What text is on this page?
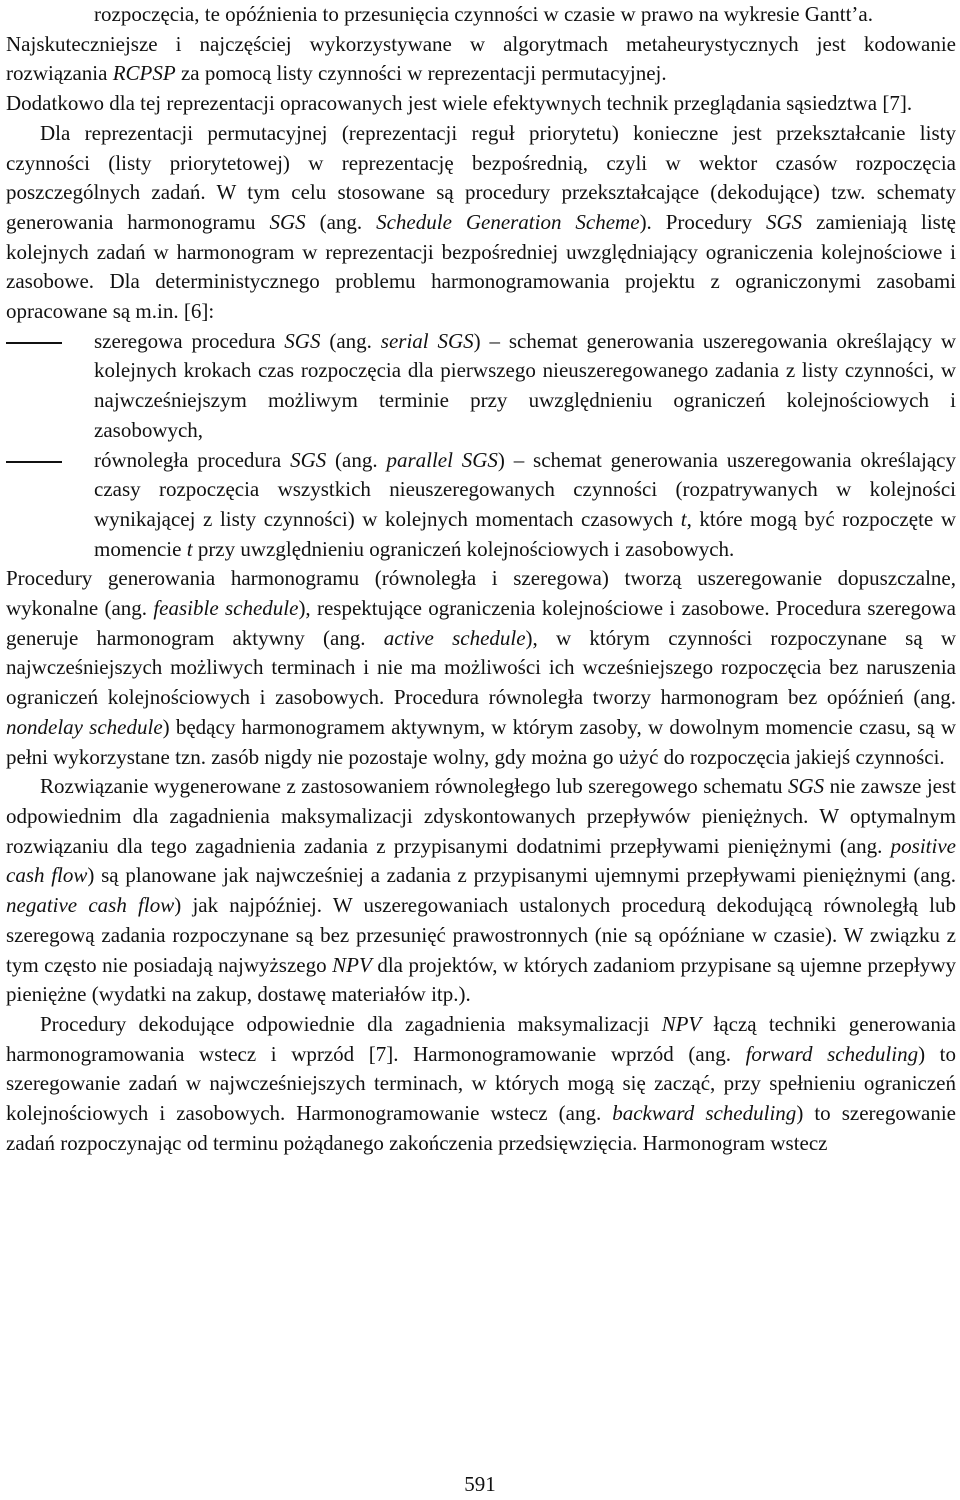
rozpoczęcia, te opóźnienia to przesunięcia czynności w czasie w prawo na wykresie Gantt’a.

Najskuteczniejsze i najczęściej wykorzystywane w algorytmach metaheurystycznych jest kodowanie rozwiązania RCPSP za pomocą listy czynności w reprezentacji permutacyjnej.

Dodatkowo dla tej reprezentacji opracowanych jest wiele efektywnych technik przeglądania sąsiedztwa [7].

Dla reprezentacji permutacyjnej (reprezentacji reguł priorytetu) konieczne jest przekształcanie listy czynności (listy priorytetowej) w reprezentację bezpośrednią, czyli w wektor czasów rozpoczęcia poszczególnych zadań. W tym celu stosowane są procedury przekształcające (dekodujące) tzw. schematy generowania harmonogramu SGS (ang. Schedule Generation Scheme). Procedury SGS zamieniają listę kolejnych zadań w harmonogram w reprezentacji bezpośredniej uwzględniający ograniczenia kolejnościowe i zasobowe. Dla deterministycznego problemu harmonogramowania projektu z ograniczonymi zasobami opracowane są m.in. [6]:

szeregowa procedura SGS (ang. serial SGS) – schemat generowania uszeregowania określający w kolejnych krokach czas rozpoczęcia dla pierwszego nieuszeregowanego zadania z listy czynności, w najwcześniejszym możliwym terminie przy uwzględnieniu ograniczeń kolejnościowych i zasobowych,
równoległa procedura SGS (ang. parallel SGS) – schemat generowania uszeregowania określający czasy rozpoczęcia wszystkich nieuszeregowanych czynności (rozpatrywanych w kolejności wynikającej z listy czynności) w kolejnych momentach czasowych t, które mogą być rozpoczęte w momencie t przy uwzględnieniu ograniczeń kolejnościowych i zasobowych.

Procedury generowania harmonogramu (równoległa i szeregowa) tworzą uszeregowanie dopuszczalne, wykonalne (ang. feasible schedule), respektujące ograniczenia kolejnościowe i zasobowe. Procedura szeregowa generuje harmonogram aktywny (ang. active schedule), w którym czynności rozpoczynane są w najwcześniejszych możliwych terminach i nie ma możliwości ich wcześniejszego rozpoczęcia bez naruszenia ograniczeń kolejnościowych i zasobowych. Procedura równoległa tworzy harmonogram bez opóźnień (ang. nondelay schedule) będący harmonogramem aktywnym, w którym zasoby, w dowolnym momencie czasu, są w pełni wykorzystane tzn. zasób nigdy nie pozostaje wolny, gdy można go użyć do rozpoczęcia jakiejś czynności.

Rozwiązanie wygenerowane z zastosowaniem równoległego lub szeregowego schematu SGS nie zawsze jest odpowiednim dla zagadnienia maksymalizacji zdyskontowanych przepływów pieniężnych. W optymalnym rozwiązaniu dla tego zagadnienia zadania z przypisanymi dodatnimi przepływami pieniężnymi (ang. positive cash flow) są planowane jak najwcześniej a zadania z przypisanymi ujemnymi przepływami pieniężnymi (ang. negative cash flow) jak najpóźniej. W uszeregowaniach ustalonych procedurą dekodującą równoległą lub szeregową zadania rozpoczynane są bez przesunięć prawostronnych (nie są opóźniane w czasie). W związku z tym często nie posiadają najwyższego NPV dla projektów, w których zadaniom przypisane są ujemne przepływy pieniężne (wydatki na zakup, dostawę materiałów itp.).

Procedury dekodujące odpowiednie dla zagadnienia maksymalizacji NPV łączą techniki generowania harmonogramowania wstecz i wprzód [7]. Harmonogramowanie wprzód (ang. forward scheduling) to szeregowanie zadań w najwcześniejszych terminach, w których mogą się zacząć, przy spełnieniu ograniczeń kolejnościowych i zasobowych. Harmonogramowanie wstecz (ang. backward scheduling) to szeregowanie zadań rozpoczynając od terminu pożądanego zakończenia przedsięwzięcia. Harmonogram wstecz

591
